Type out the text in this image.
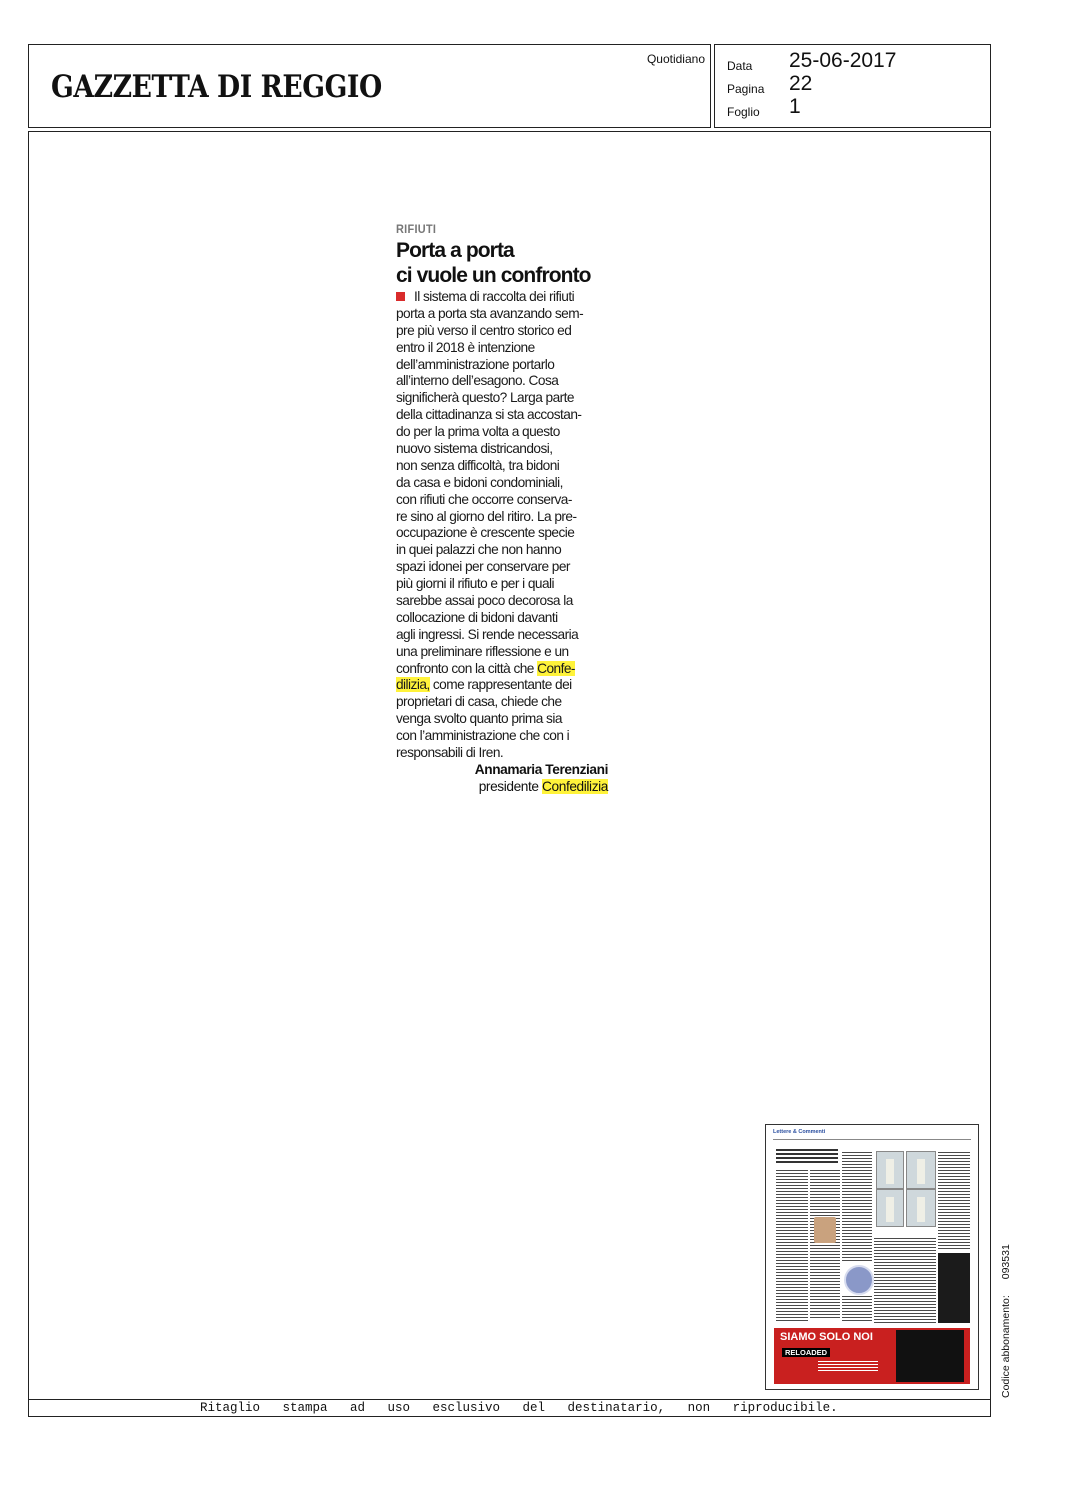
GAZZETTA DI REGGIO
Quotidiano Data 25-06-2017
Pagina 22
Foglio 1
RIFIUTI
Porta a porta
ci vuole un confronto
Il sistema di raccolta dei rifiuti
porta a porta sta avanzando sem-
pre più verso il centro storico ed
entro il 2018 è intenzione
dell’amministrazione portarlo
all’interno dell’esagono. Cosa
significherà questo? Larga parte
della cittadinanza si sta accostan-
do per la prima volta a questo
nuovo sistema districandosi,
non senza difficoltà, tra bidoni
da casa e bidoni condominiali,
con rifiuti che occorre conserva-
re sino al giorno del ritiro. La pre-
occupazione è crescente specie
in quei palazzi che non hanno
spazi idonei per conservare per
più giorni il rifiuto e per i quali
sarebbe assai poco decorosa la
collocazione di bidoni davanti
agli ingressi. Si rende necessaria
una preliminare riflessione e un
confronto con la città che Confe-
dilizia, come rappresentante dei
proprietari di casa, chiede che
venga svolto quanto prima sia
con l’amministrazione che con i
responsabili di Iren.
Annamaria Terenziani
presidente Confedilizia
Lettere & Commenti
SIAMO SOLO NOI
RELOADED
Ritaglio   stampa   ad   uso   esclusivo   del   destinatario,   non   riproducibile.
Codice abbonamento:093531
